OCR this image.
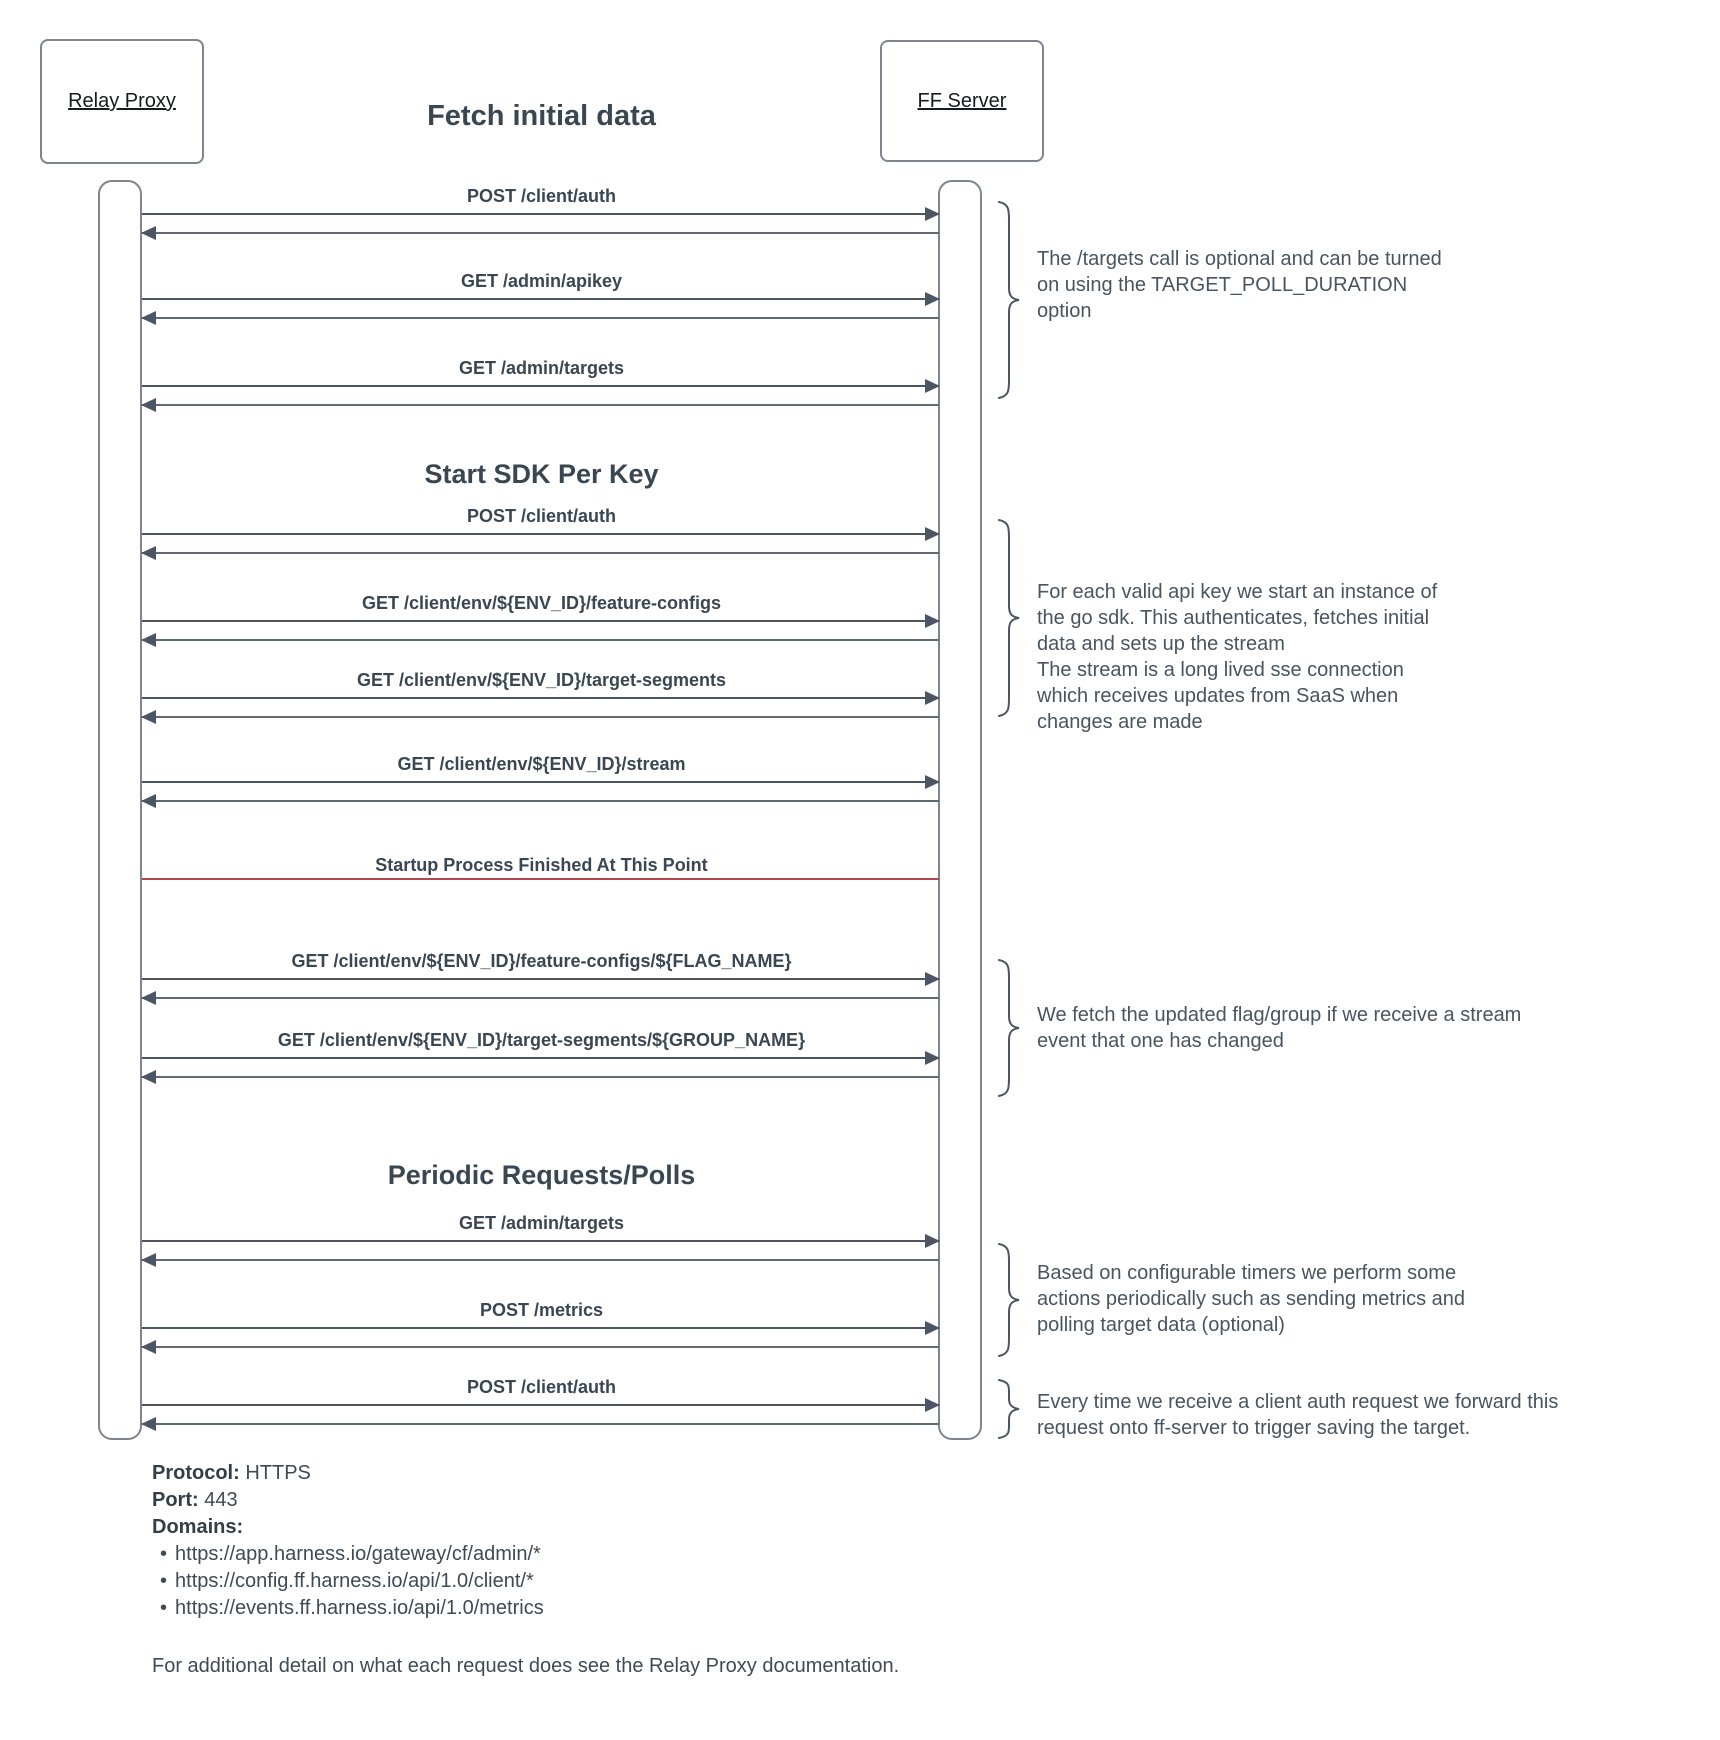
Relay Proxy	FF Server
Fetch initial data
POST /client/auth
GET /admin/apikey
GET /admin/targets
Start SDK Per Key
POST /client/auth
GET /client/env/${ENV_ID}/feature-configs
GET /client/env/${ENV_ID}/target-segments
GET /client/env/${ENV_ID}/stream
Startup Process Finished At This Point
GET /client/env/${ENV_ID}/feature-configs/${FLAG_NAME}
GET /client/env/${ENV_ID}/target-segments/${GROUP_NAME}
Periodic Requests/Polls
GET /admin/targets
POST /metrics
POST /client/auth
The /targets call is optional and can be turned
on using the TARGET_POLL_DURATION
option
For each valid api key we start an instance of
the go sdk. This authenticates, fetches initial
data and sets up the stream
The stream is a long lived sse connection
which receives updates from SaaS when
changes are made
We fetch the updated flag/group if we receive a stream
event that one has changed
Based on configurable timers we perform some
actions periodically such as sending metrics and
polling target data (optional)
Every time we receive a client auth request we forward this
request onto ff-server to trigger saving the target.
Protocol: HTTPS
Port: 443
Domains:
• https://app.harness.io/gateway/cf/admin/*
• https://config.ff.harness.io/api/1.0/client/*
• https://events.ff.harness.io/api/1.0/metrics
For additional detail on what each request does see the Relay Proxy documentation.
